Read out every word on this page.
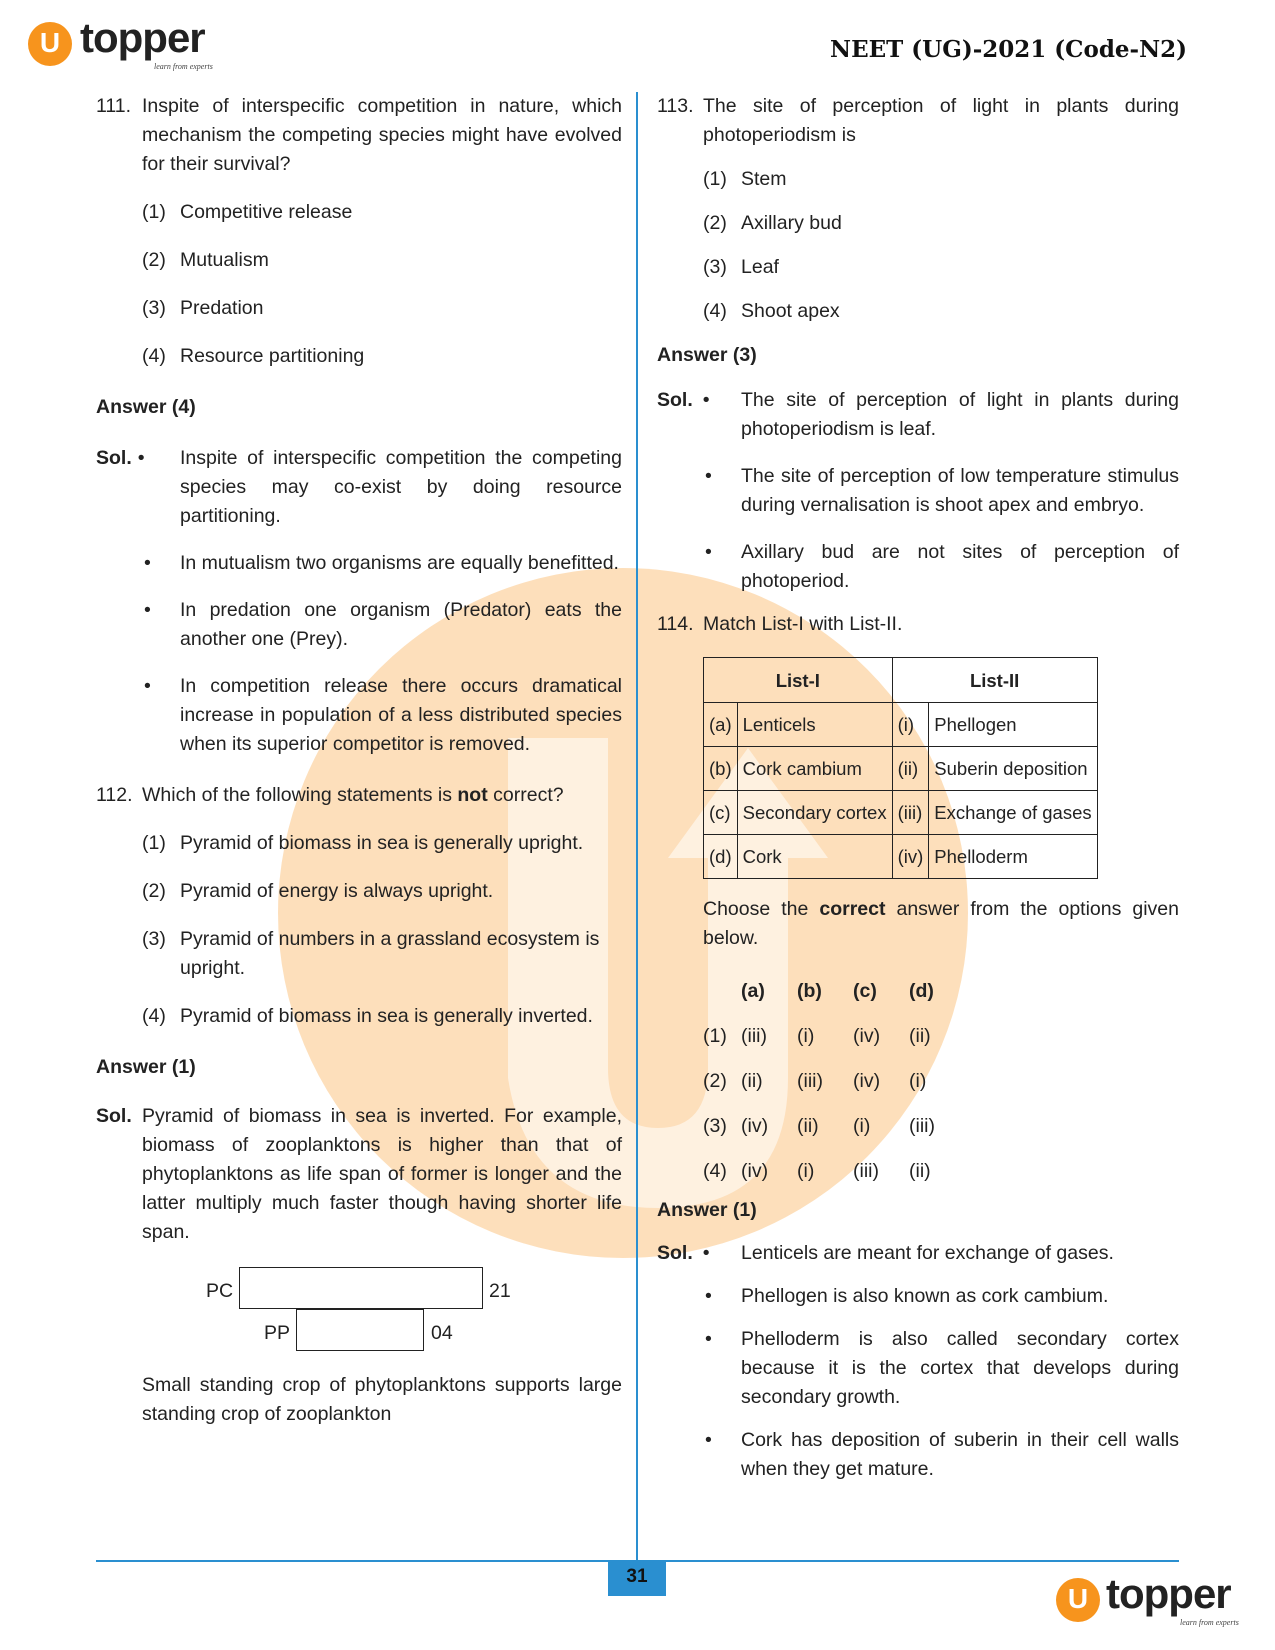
U topper
learn from experts
NEET (UG)-2021 (Code-N2)
111. Inspite of interspecific competition in nature, which mechanism the competing species might have evolved for their survival?
(1) Competitive release
(2) Mutualism
(3) Predation
(4) Resource partitioning
Answer (4)
Sol. •	Inspite of interspecific competition the competing species may co-exist by doing resource partitioning.
•	In mutualism two organisms are equally benefitted.
•	In predation one organism (Predator) eats the another one (Prey).
•	In competition release there occurs dramatical increase in population of a less distributed species when its superior competitor is removed.
112. Which of the following statements is not correct?
(1) Pyramid of biomass in sea is generally upright.
(2) Pyramid of energy is always upright.
(3) Pyramid of numbers in a grassland ecosystem is upright.
(4) Pyramid of biomass in sea is generally inverted.
Answer (1)
Sol. Pyramid of biomass in sea is inverted. For example, biomass of zooplanktons is higher than that of phytoplanktons as life span of former is longer and the latter multiply much faster though having shorter life span.
PC	21
PP	04
Small standing crop of phytoplanktons supports large standing crop of zooplankton
113. The site of perception of light in plants during photoperiodism is
(1) Stem
(2) Axillary bud
(3) Leaf
(4) Shoot apex
Answer (3)
Sol. •	The site of perception of light in plants during photoperiodism is leaf.
•	The site of perception of low temperature stimulus during vernalisation is shoot apex and embryo.
•	Axillary bud are not sites of perception of photoperiod.
114. Match List-I with List-II.
List-I		List-II	
(a)	Lenticels	(i)	Phellogen
(b)	Cork cambium	(ii)	Suberin deposition
(c)	Secondary cortex	(iii)	Exchange of gases
(d)	Cork	(iv)	Phelloderm
Choose the correct answer from the options given below.
(a)	(b)	(c)	(d)
(1) (iii)	(i)	(iv)	(ii)
(2) (ii)	(iii)	(iv)	(i)
(3) (iv)	(ii)	(i)	(iii)
(4) (iv)	(i)	(iii)	(ii)
Answer (1)
Sol. •	Lenticels are meant for exchange of gases.
•	Phellogen is also known as cork cambium.
•	Phelloderm is also called secondary cortex because it is the cortex that develops during secondary growth.
•	Cork has deposition of suberin in their cell walls when they get mature.
31
U topper
learn from experts
